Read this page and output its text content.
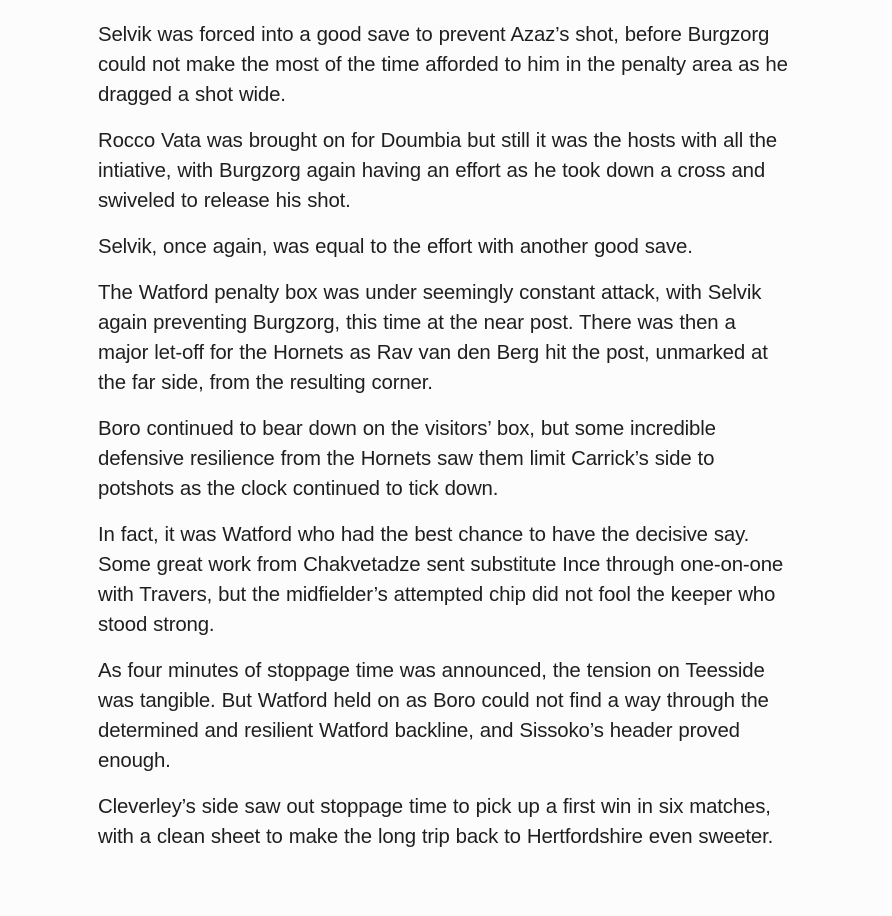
Selvik was forced into a good save to prevent Azaz’s shot, before Burgzorg could not make the most of the time afforded to him in the penalty area as he dragged a shot wide.

Rocco Vata was brought on for Doumbia but still it was the hosts with all the intiative, with Burgzorg again having an effort as he took down a cross and swiveled to release his shot.

Selvik, once again, was equal to the effort with another good save.

The Watford penalty box was under seemingly constant attack, with Selvik again preventing Burgzorg, this time at the near post. There was then a major let-off for the Hornets as Rav van den Berg hit the post, unmarked at the far side, from the resulting corner.

Boro continued to bear down on the visitors’ box, but some incredible defensive resilience from the Hornets saw them limit Carrick’s side to potshots as the clock continued to tick down.

In fact, it was Watford who had the best chance to have the decisive say. Some great work from Chakvetadze sent substitute Ince through one-on-one with Travers, but the midfielder’s attempted chip did not fool the keeper who stood strong.

As four minutes of stoppage time was announced, the tension on Teesside was tangible. But Watford held on as Boro could not find a way through the determined and resilient Watford backline, and Sissoko’s header proved enough.

Cleverley’s side saw out stoppage time to pick up a first win in six matches, with a clean sheet to make the long trip back to Hertfordshire even sweeter.
